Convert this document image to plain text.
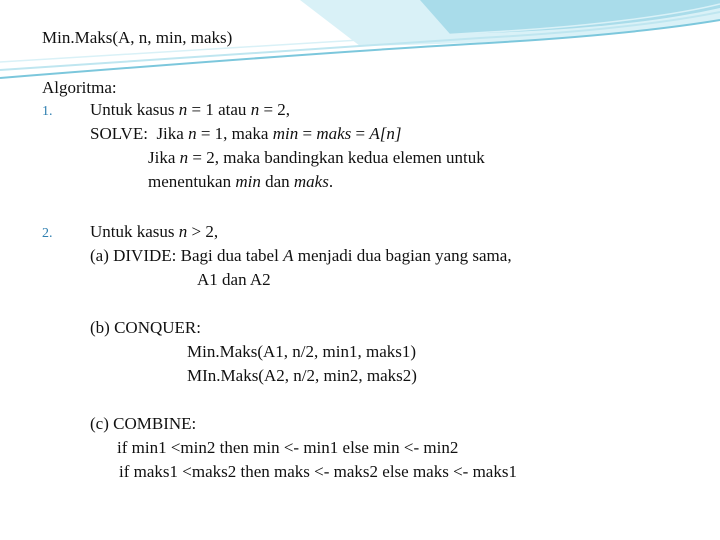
Min.Maks(A, n, min, maks)
Algoritma:
1. Untuk kasus n = 1 atau n = 2,
SOLVE:  Jika n = 1, maka min = maks = A[n]
Jika n = 2, maka bandingkan kedua elemen untuk
menentukan min dan maks.
2. Untuk kasus n > 2,
(a) DIVIDE: Bagi dua tabel A menjadi dua bagian yang sama,
A1 dan A2
(b) CONQUER:
Min.Maks(A1, n/2, min1, maks1)
MIn.Maks(A2, n/2, min2, maks2)
(c) COMBINE:
if min1 <min2 then min <- min1 else min <- min2
if maks1 <maks2 then maks <- maks2 else maks <- maks1
